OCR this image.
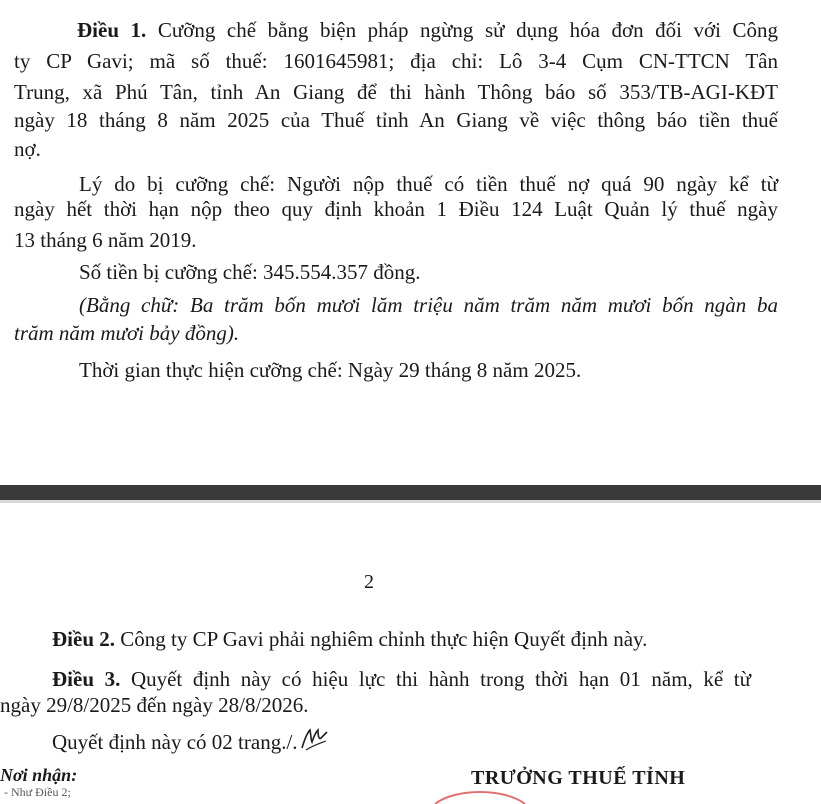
Điều 1. Cưỡng chế bằng biện pháp ngừng sử dụng hóa đơn đối với Công
ty CP Gavi; mã số thuế: 1601645981; địa chỉ: Lô 3-4 Cụm CN-TTCN Tân
Trung, xã Phú Tân, tỉnh An Giang để thi hành Thông báo số 353/TB-AGI-KĐT
ngày 18 tháng 8 năm 2025 của Thuế tỉnh An Giang về việc thông báo tiền thuế
nợ.
Lý do bị cưỡng chế: Người nộp thuế có tiền thuế nợ quá 90 ngày kể từ
ngày hết thời hạn nộp theo quy định khoản 1 Điều 124 Luật Quản lý thuế ngày
13 tháng 6 năm 2019.
Số tiền bị cưỡng chế: 345.554.357 đồng.
(Bằng chữ: Ba trăm bốn mươi lăm triệu năm trăm năm mươi bốn ngàn ba
trăm năm mươi bảy đồng).
Thời gian thực hiện cưỡng chế: Ngày 29 tháng 8 năm 2025.
2
Điều 2. Công ty CP Gavi phải nghiêm chỉnh thực hiện Quyết định này.
Điều 3. Quyết định này có hiệu lực thi hành trong thời hạn 01 năm, kể từ
ngày 29/8/2025 đến ngày 28/8/2026.
Quyết định này có 02 trang./.
Nơi nhận:
- Như Điều 2;
TRƯỞNG THUẾ TỈNH
